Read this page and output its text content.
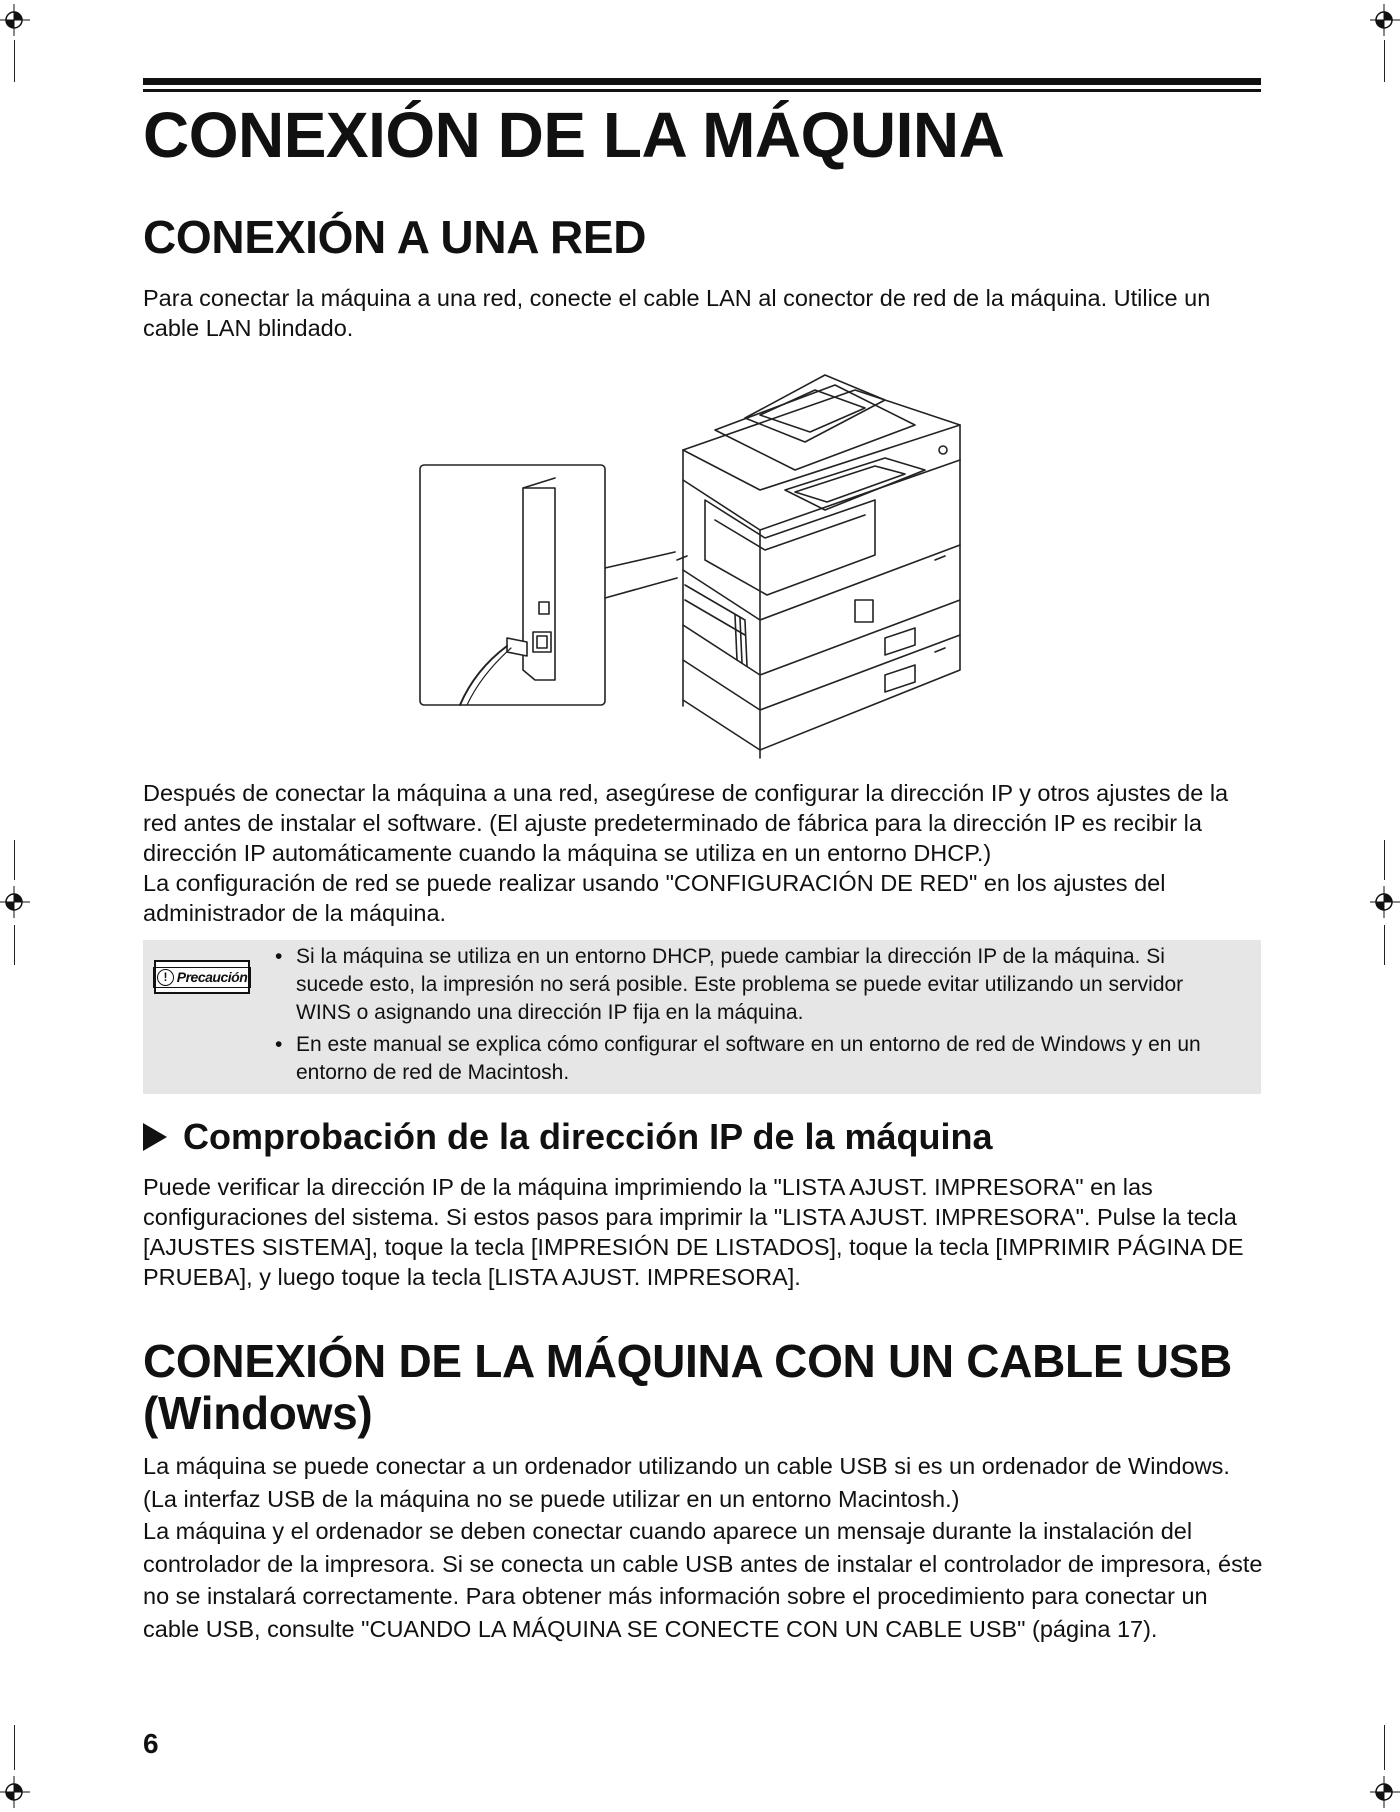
CONEXIÓN DE LA MÁQUINA
CONEXIÓN A UNA RED

Para conectar la máquina a una red, conecte el cable LAN al conector de red de la máquina. Utilice un cable LAN blindado.

Después de conectar la máquina a una red, asegúrese de configurar la dirección IP y otros ajustes de la red antes de instalar el software. (El ajuste predeterminado de fábrica para la dirección IP es recibir la dirección IP automáticamente cuando la máquina se utiliza en un entorno DHCP.)

La configuración de red se puede realizar usando "CONFIGURACIÓN DE RED" en los ajustes del administrador de la máquina.

! Precaución
• Si la máquina se utiliza en un entorno DHCP, puede cambiar la dirección IP de la máquina. Si sucede esto, la impresión no será posible. Este problema se puede evitar utilizando un servidor WINS o asignando una dirección IP fija en la máquina.
• En este manual se explica cómo configurar el software en un entorno de red de Windows y en un entorno de red de Macintosh.
Comprobación de la dirección IP de la máquina

Puede verificar la dirección IP de la máquina imprimiendo la "LISTA AJUST. IMPRESORA" en las configuraciones del sistema. Si estos pasos para imprimir la "LISTA AJUST. IMPRESORA". Pulse la tecla [AJUSTES SISTEMA], toque la tecla [IMPRESIÓN DE LISTADOS], toque la tecla [IMPRIMIR PÁGINA DE PRUEBA], y luego toque la tecla [LISTA AJUST. IMPRESORA].

CONEXIÓN DE LA MÁQUINA CON UN CABLE USB (Windows)

La máquina se puede conectar a un ordenador utilizando un cable USB si es un ordenador de Windows. (La interfaz USB de la máquina no se puede utilizar en un entorno Macintosh.)

La máquina y el ordenador se deben conectar cuando aparece un mensaje durante la instalación del controlador de la impresora. Si se conecta un cable USB antes de instalar el controlador de impresora, éste no se instalará correctamente. Para obtener más información sobre el procedimiento para conectar un cable USB, consulte "CUANDO LA MÁQUINA SE CONECTE CON UN CABLE USB" (página 17).

6
